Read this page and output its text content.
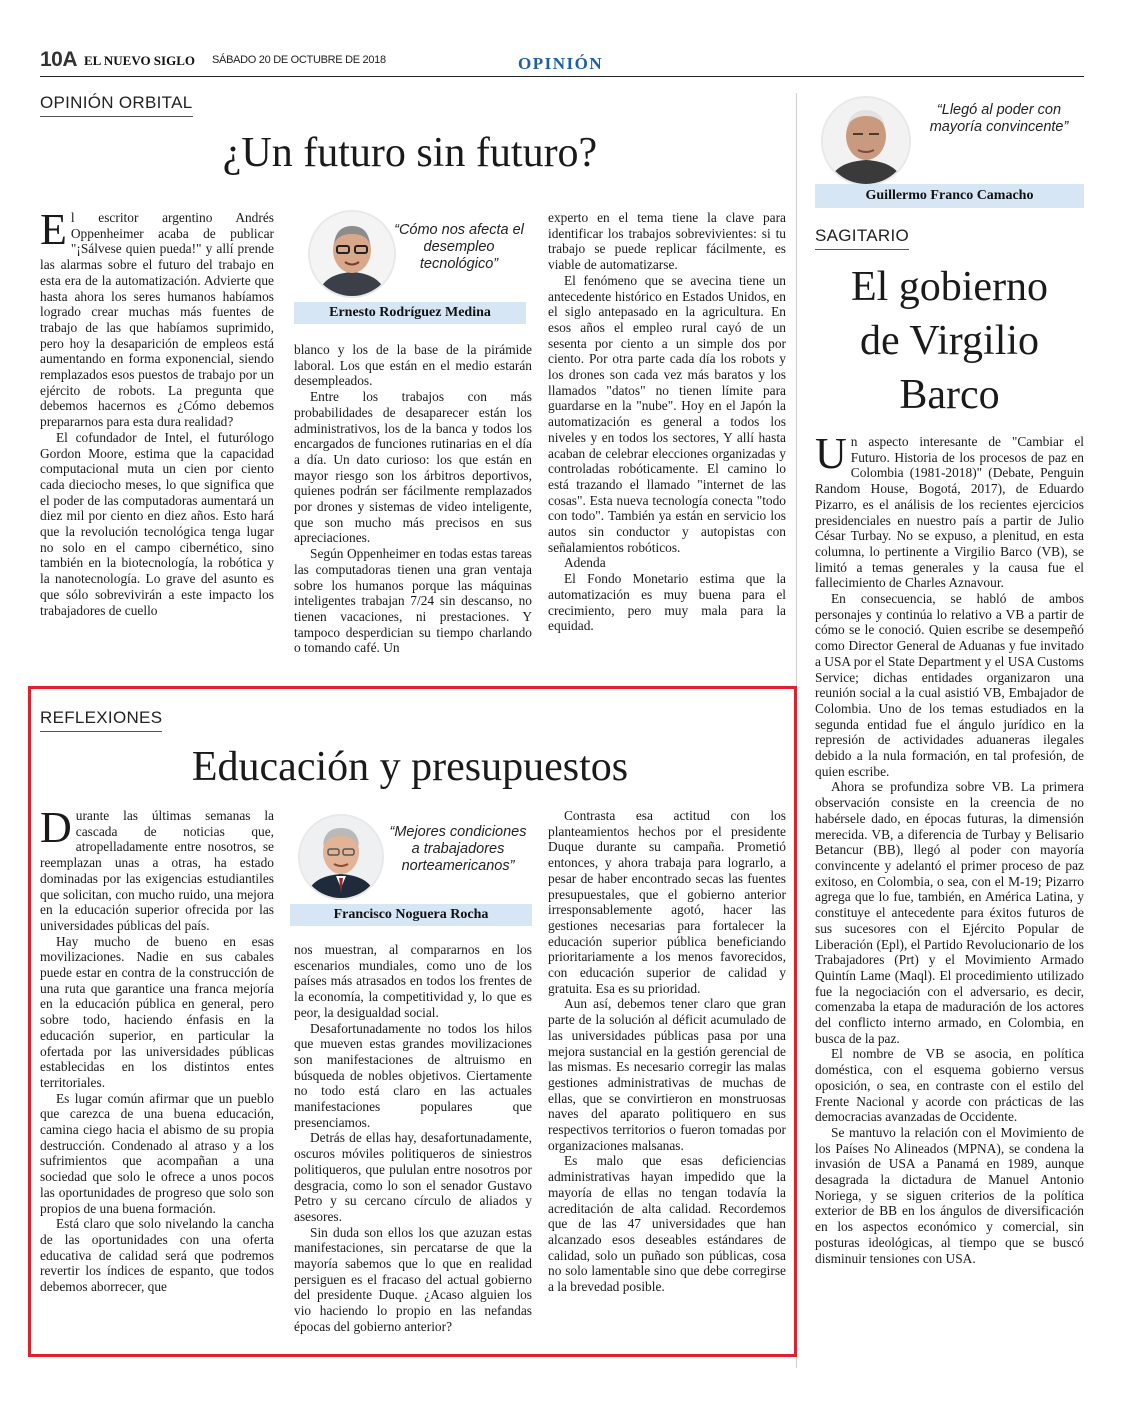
10A EL NUEVO SIGLO SÁBADO 20 DE OCTUBRE DE 2018	OPINIÓN
OPINIÓN ORBITAL
¿Un futuro sin futuro?

El escritor argentino Andrés Oppenheimer acaba de publicar "¡Sálvese quien pueda!" y allí prende las alarmas sobre el futuro del trabajo en esta era de la automatización. Advierte que hasta ahora los seres humanos habíamos logrado crear muchas más fuentes de trabajo de las que habíamos suprimido, pero hoy la desaparición de empleos está aumentando en forma exponencial, siendo remplazados esos puestos de trabajo por un ejército de robots. La pregunta que debemos hacernos es ¿Cómo debemos prepararnos para esta dura realidad?

El cofundador de Intel, el futurólogo Gordon Moore, estima que la capacidad computacional muta un cien por ciento cada dieciocho meses, lo que significa que el poder de las computadoras aumentará un diez mil por ciento en diez años. Esto hará que la revolución tecnológica tenga lugar no solo en el campo cibernético, sino también en la biotecnología, la robótica y la nanotecnología. Lo grave del asunto es que sólo sobrevivirán a este impacto los trabajadores de cuello

“Cómo nos afecta el desempleo tecnológico”
Ernesto Rodríguez Medina

blanco y los de la base de la pirámide laboral. Los que están en el medio estarán desempleados.

Entre los trabajos con más probabilidades de desaparecer están los administrativos, los de la banca y todos los encargados de funciones rutinarias en el día a día. Un dato curioso: los que están en mayor riesgo son los árbitros deportivos, quienes podrán ser fácilmente remplazados por drones y sistemas de video inteligente, que son mucho más precisos en sus apreciaciones.

Según Oppenheimer en todas estas tareas las computadoras tienen una gran ventaja sobre los humanos porque las máquinas inteligentes trabajan 7/24 sin descanso, no tienen vacaciones, ni prestaciones. Y tampoco desperdician su tiempo charlando o tomando café. Un

experto en el tema tiene la clave para identificar los trabajos sobrevivientes: si tu trabajo se puede replicar fácilmente, es viable de automatizarse.

El fenómeno que se avecina tiene un antecedente histórico en Estados Unidos, en el siglo antepasado en la agricultura. En esos años el empleo rural cayó de un sesenta por ciento a un simple dos por ciento. Por otra parte cada día los robots y los drones son cada vez más baratos y los llamados "datos" no tienen límite para guardarse en la "nube". Hoy en el Japón la automatización es general a todos los niveles y en todos los sectores, Y allí hasta acaban de celebrar elecciones organizadas y controladas robóticamente. El camino lo está trazando el llamado "internet de las cosas". Esta nueva tecnología conecta "todo con todo". También ya están en servicio los autos sin conductor y autopistas con señalamientos robóticos.

Adenda

El Fondo Monetario estima que la automatización es muy buena para el crecimiento, pero muy mala para la equidad.

REFLEXIONES
Educación y presupuestos

Durante las últimas semanas la cascada de noticias que, atropelladamente entre nosotros, se reemplazan unas a otras, ha estado dominadas por las exigencias estudiantiles que solicitan, con mucho ruido, una mejora en la educación superior ofrecida por las universidades públicas del país.

Hay mucho de bueno en esas movilizaciones. Nadie en sus cabales puede estar en contra de la construcción de una ruta que garantice una franca mejoría en la educación pública en general, pero sobre todo, haciendo énfasis en la educación superior, en particular la ofertada por las universidades públicas establecidas en los distintos entes territoriales.

Es lugar común afirmar que un pueblo que carezca de una buena educación, camina ciego hacia el abismo de su propia destrucción. Condenado al atraso y a los sufrimientos que acompañan a una sociedad que solo le ofrece a unos pocos las oportunidades de progreso que solo son propios de una buena formación.

Está claro que solo nivelando la cancha de las oportunidades con una oferta educativa de calidad será que podremos revertir los índices de espanto, que todos debemos aborrecer, que

“Mejores condiciones a trabajadores norteamericanos”
Francisco Noguera Rocha

nos muestran, al compararnos en los escenarios mundiales, como uno de los países más atrasados en todos los frentes de la economía, la competitividad y, lo que es peor, la desigualdad social.

Desafortunadamente no todos los hilos que mueven estas grandes movilizaciones son manifestaciones de altruismo en búsqueda de nobles objetivos. Ciertamente no todo está claro en las actuales manifestaciones populares que presenciamos.

Detrás de ellas hay, desafortunadamente, oscuros móviles politiqueros de siniestros politiqueros, que pululan entre nosotros por desgracia, como lo son el senador Gustavo Petro y su cercano círculo de aliados y asesores.

Sin duda son ellos los que azuzan estas manifestaciones, sin percatarse de que la mayoría sabemos que lo que en realidad persiguen es el fracaso del actual gobierno del presidente Duque. ¿Acaso alguien los vio haciendo lo propio en las nefandas épocas del gobierno anterior?

Contrasta esa actitud con los planteamientos hechos por el presidente Duque durante su campaña. Prometió entonces, y ahora trabaja para lograrlo, a pesar de haber encontrado secas las fuentes presupuestales, que el gobierno anterior irresponsablemente agotó, hacer las gestiones necesarias para fortalecer la educación superior pública beneficiando prioritariamente a los menos favorecidos, con educación superior de calidad y gratuita. Esa es su prioridad.

Aun así, debemos tener claro que gran parte de la solución al déficit acumulado de las universidades públicas pasa por una mejora sustancial en la gestión gerencial de las mismas. Es necesario corregir las malas gestiones administrativas de muchas de ellas, que se convirtieron en monstruosas naves del aparato politiquero en sus respectivos territorios o fueron tomadas por organizaciones malsanas.

Es malo que esas deficiencias administrativas hayan impedido que la mayoría de ellas no tengan todavía la acreditación de alta calidad. Recordemos que de las 47 universidades que han alcanzado esos deseables estándares de calidad, solo un puñado son públicas, cosa no solo lamentable sino que debe corregirse a la brevedad posible.

“Llegó al poder con mayoría convincente”
Guillermo Franco Camacho
SAGITARIO
El gobierno
de Virgilio
Barco

Un aspecto interesante de "Cambiar el Futuro. Historia de los procesos de paz en Colombia (1981-2018)" (Debate, Penguin Random House, Bogotá, 2017), de Eduardo Pizarro, es el análisis de los recientes ejercicios presidenciales en nuestro país a partir de Julio César Turbay. No se expuso, a plenitud, en esta columna, lo pertinente a Virgilio Barco (VB), se limitó a temas generales y la causa fue el fallecimiento de Charles Aznavour.

En consecuencia, se habló de ambos personajes y continúa lo relativo a VB a partir de cómo se le conoció. Quien escribe se desempeñó como Director General de Aduanas y fue invitado a USA por el State Department y el USA Customs Service; dichas entidades organizaron una reunión social a la cual asistió VB, Embajador de Colombia. Uno de los temas estudiados en la segunda entidad fue el ángulo jurídico en la represión de actividades aduaneras ilegales debido a la nula formación, en tal profesión, de quien escribe.

Ahora se profundiza sobre VB. La primera observación consiste en la creencia de no habérsele dado, en épocas futuras, la dimensión merecida. VB, a diferencia de Turbay y Belisario Betancur (BB), llegó al poder con mayoría convincente y adelantó el primer proceso de paz exitoso, en Colombia, o sea, con el M-19; Pizarro agrega que lo fue, también, en América Latina, y constituye el antecedente para éxitos futuros de sus sucesores con el Ejército Popular de Liberación (Epl), el Partido Revolucionario de los Trabajadores (Prt) y el Movimiento Armado Quintín Lame (Maql). El procedimiento utilizado fue la negociación con el adversario, es decir, comenzaba la etapa de maduración de los actores del conflicto interno armado, en Colombia, en busca de la paz.

El nombre de VB se asocia, en política doméstica, con el esquema gobierno versus oposición, o sea, en contraste con el estilo del Frente Nacional y acorde con prácticas de las democracias avanzadas de Occidente.

Se mantuvo la relación con el Movimiento de los Países No Alineados (MPNA), se condena la invasión de USA a Panamá en 1989, aunque desagrada la dictadura de Manuel Antonio Noriega, y se siguen criterios de la política exterior de BB en los ángulos de diversificación en los aspectos económico y comercial, sin posturas ideológicas, al tiempo que se buscó disminuir tensiones con USA.
